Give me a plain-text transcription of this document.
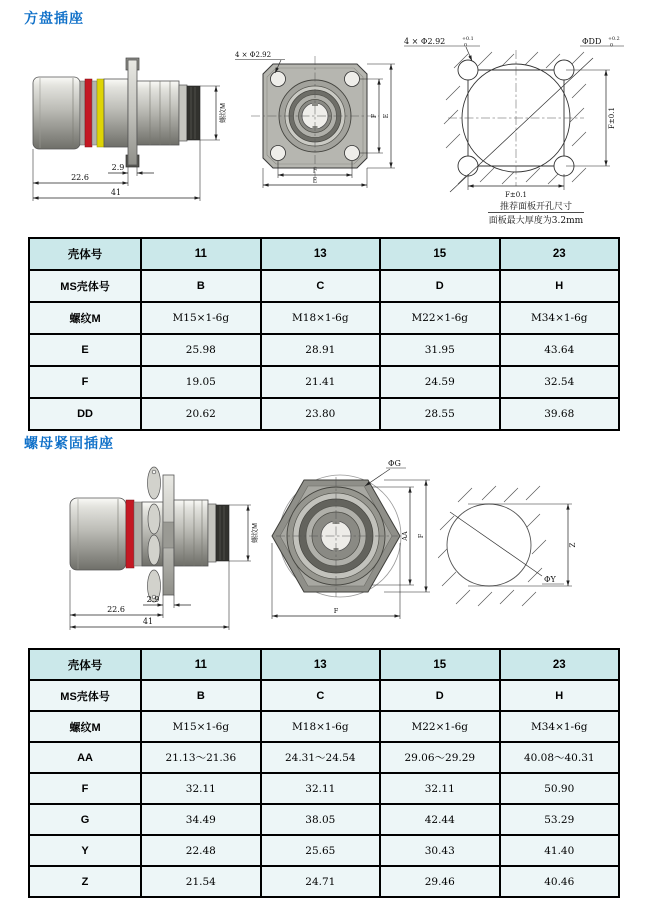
方盘插座
螺纹M
2.9
22.6
41
4 × Φ2.92
F
E
F E
4 × Φ2.92	+0.1
0	ΦDD +0.2
0
F±0.1
F±0.1
推荐面板开孔尺寸
面板最大厚度为3.2mm
壳体号	11	13	15	23
MS壳体号	B	C	D	H
螺纹M	M15×1-6g	M18×1-6g	M22×1-6g	M34×1-6g
E	25.98	28.91	31.95	43.64
F	19.05	21.41	24.59	32.54
DD	20.62	23.80	28.55	39.68
螺母紧固插座
螺纹M
2.9
22.6
41
ΦG
AA F
F
Z
ΦY
壳体号	11	13	15	23
MS壳体号	B	C	D	H
螺纹M	M15×1-6g	M18×1-6g	M22×1-6g	M34×1-6g
AA	21.13～21.36	24.31～24.54	29.06～29.29	40.08～40.31
F	32.11	32.11	32.11	50.90
G	34.49	38.05	42.44	53.29
Y	22.48	25.65	30.43	41.40
Z	21.54	24.71	29.46	40.46
